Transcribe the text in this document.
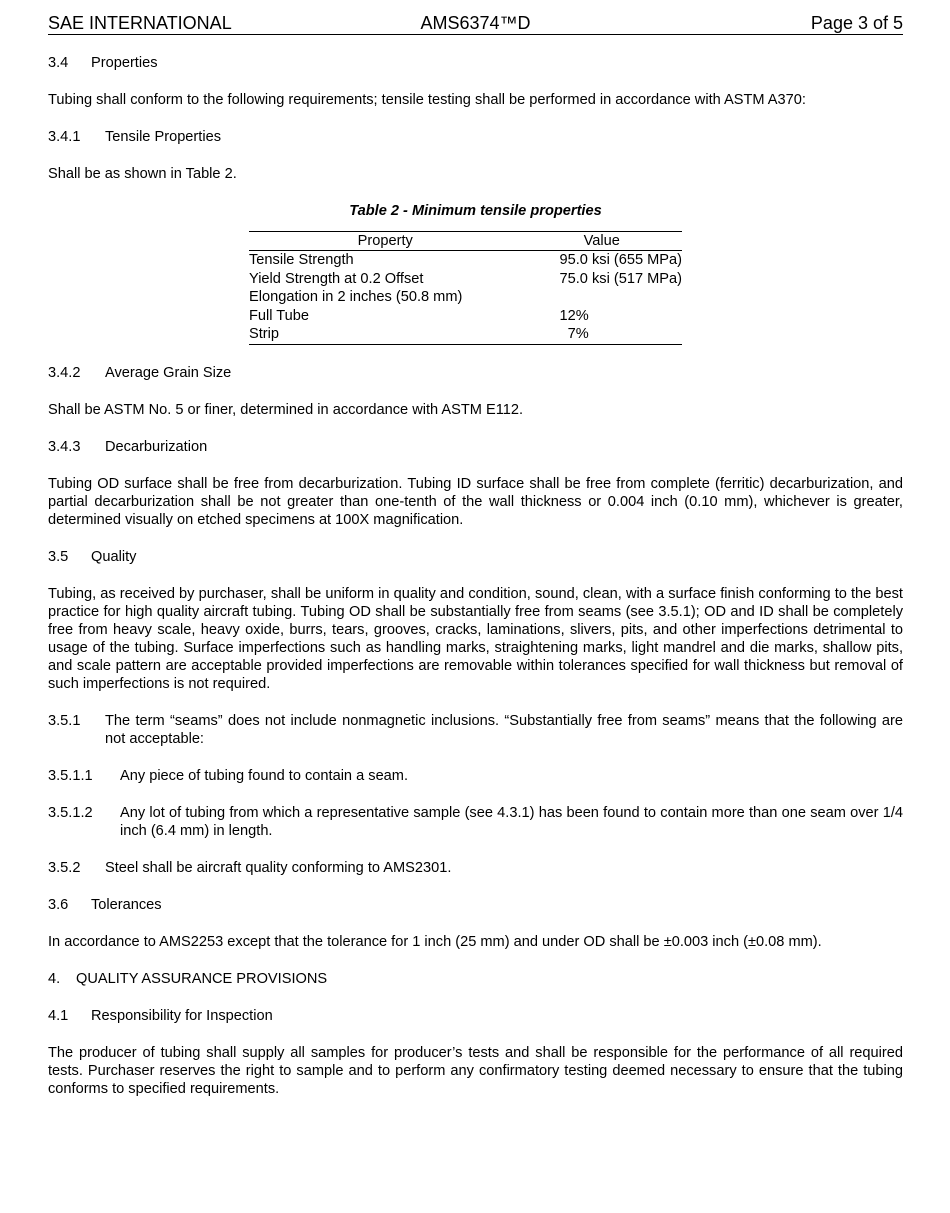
SAE INTERNATIONAL	AMS6374™D	Page 3 of 5

3.4 Properties

Tubing shall conform to the following requirements; tensile testing shall be performed in accordance with ASTM A370:

3.4.1 Tensile Properties

Shall be as shown in Table 2.

Table 2 - Minimum tensile properties

Property	Value
Tensile Strength	95.0 ksi (655 MPa)
Yield Strength at 0.2 Offset	75.0 ksi (517 MPa)
Elongation in 2 inches (50.8 mm)	
Full Tube	12%
Strip	7%

3.4.2 Average Grain Size

Shall be ASTM No. 5 or finer, determined in accordance with ASTM E112.

3.4.3 Decarburization

Tubing OD surface shall be free from decarburization. Tubing ID surface shall be free from complete (ferritic) decarburization, and partial decarburization shall be not greater than one-tenth of the wall thickness or 0.004 inch (0.10 mm), whichever is greater, determined visually on etched specimens at 100X magnification.

3.5 Quality

Tubing, as received by purchaser, shall be uniform in quality and condition, sound, clean, with a surface finish conforming to the best practice for high quality aircraft tubing. Tubing OD shall be substantially free from seams (see 3.5.1); OD and ID shall be completely free from heavy scale, heavy oxide, burrs, tears, grooves, cracks, laminations, slivers, pits, and other imperfections detrimental to usage of the tubing. Surface imperfections such as handling marks, straightening marks, light mandrel and die marks, shallow pits, and scale pattern are acceptable provided imperfections are removable within tolerances specified for wall thickness but removal of such imperfections is not required.

3.5.1	The term “seams” does not include nonmagnetic inclusions. “Substantially free from seams” means that the following are not acceptable:
3.5.1.1	Any piece of tubing found to contain a seam.
3.5.1.2	Any lot of tubing from which a representative sample (see 4.3.1) has been found to contain more than one seam over 1/4 inch (6.4 mm) in length.
3.5.2	Steel shall be aircraft quality conforming to AMS2301.

3.6 Tolerances

In accordance to AMS2253 except that the tolerance for 1 inch (25 mm) and under OD shall be ±0.003 inch (±0.08 mm).

4. QUALITY ASSURANCE PROVISIONS

4.1 Responsibility for Inspection

The producer of tubing shall supply all samples for producer’s tests and shall be responsible for the performance of all required tests. Purchaser reserves the right to sample and to perform any confirmatory testing deemed necessary to ensure that the tubing conforms to specified requirements.
